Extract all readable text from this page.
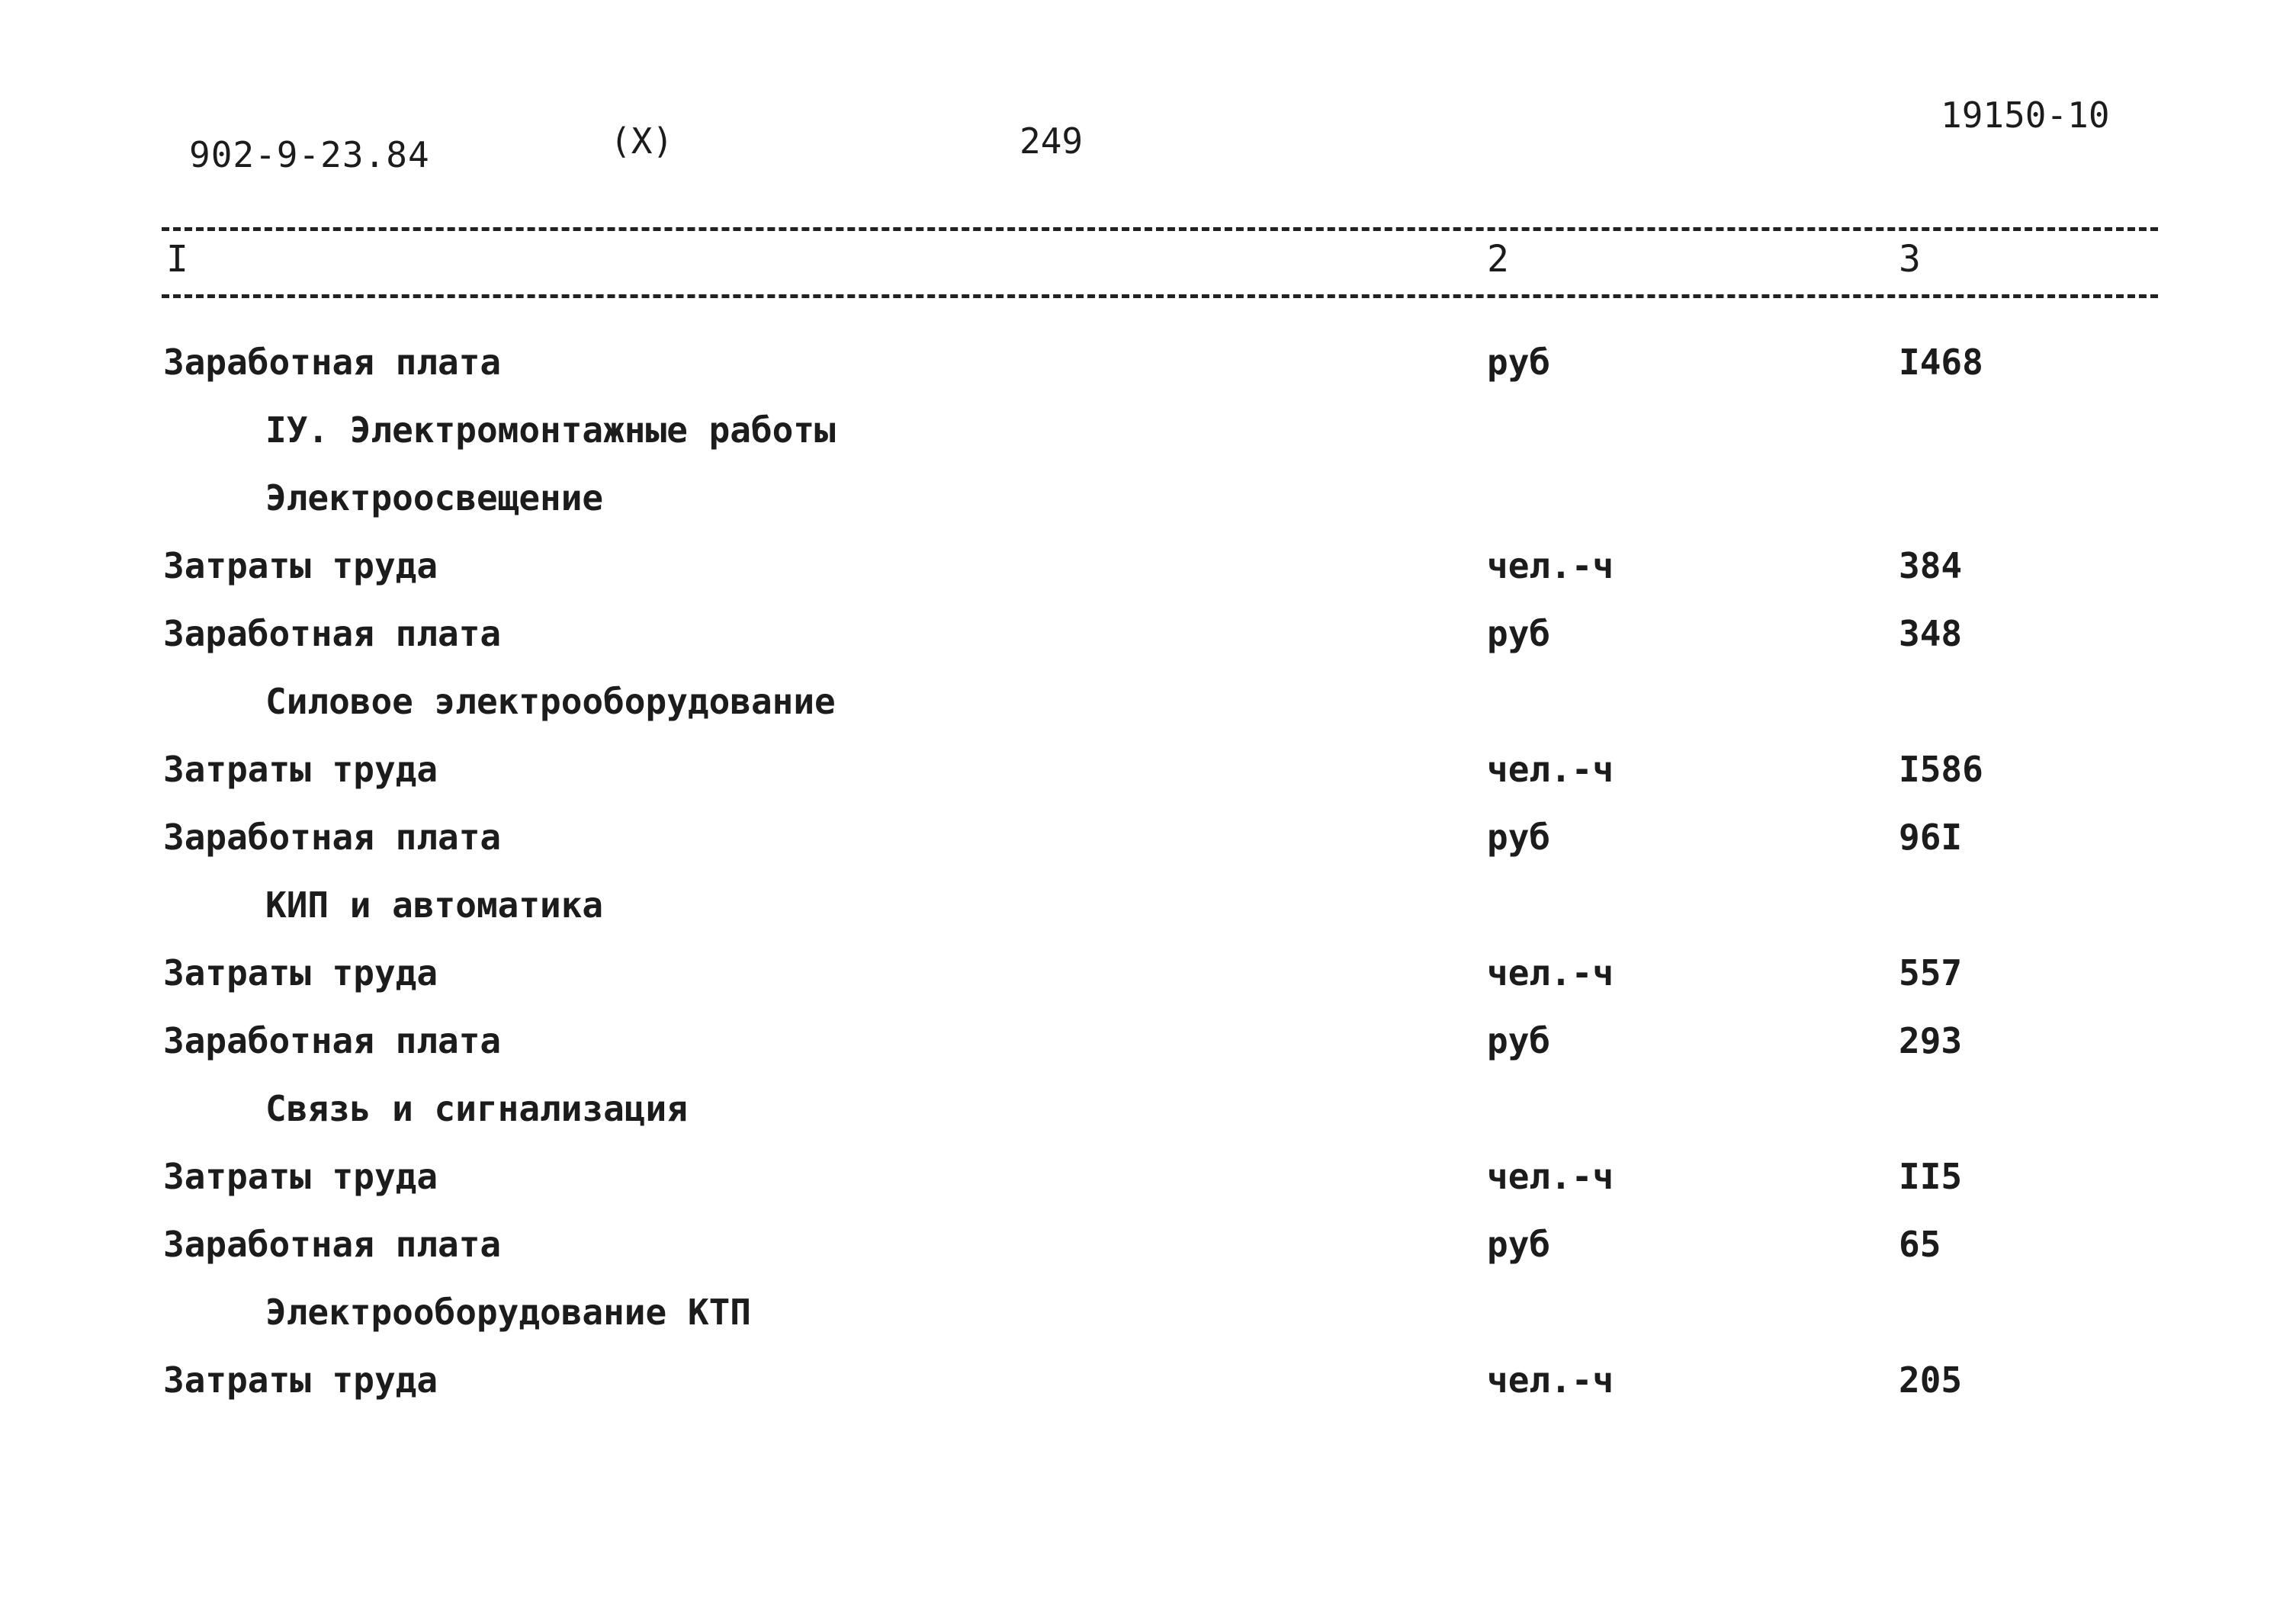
902-9-23.84	(X)	249
19150-10
I	2	3
Заработная плата	руб	I468
IУ. Электромонтажные работы
Электроосвещение
Затраты труда	чел.-ч	384
Заработная плата	руб	348
Силовое электрооборудование
Затраты труда	чел.-ч	I586
Заработная плата	руб	96I
КИП и автоматика
Затраты труда	чел.-ч	557
Заработная плата	руб	293
Связь и сигнализация
Затраты труда	чел.-ч	II5
Заработная плата	руб	65
Электрооборудование КТП
Затраты труда	чел.-ч	205
